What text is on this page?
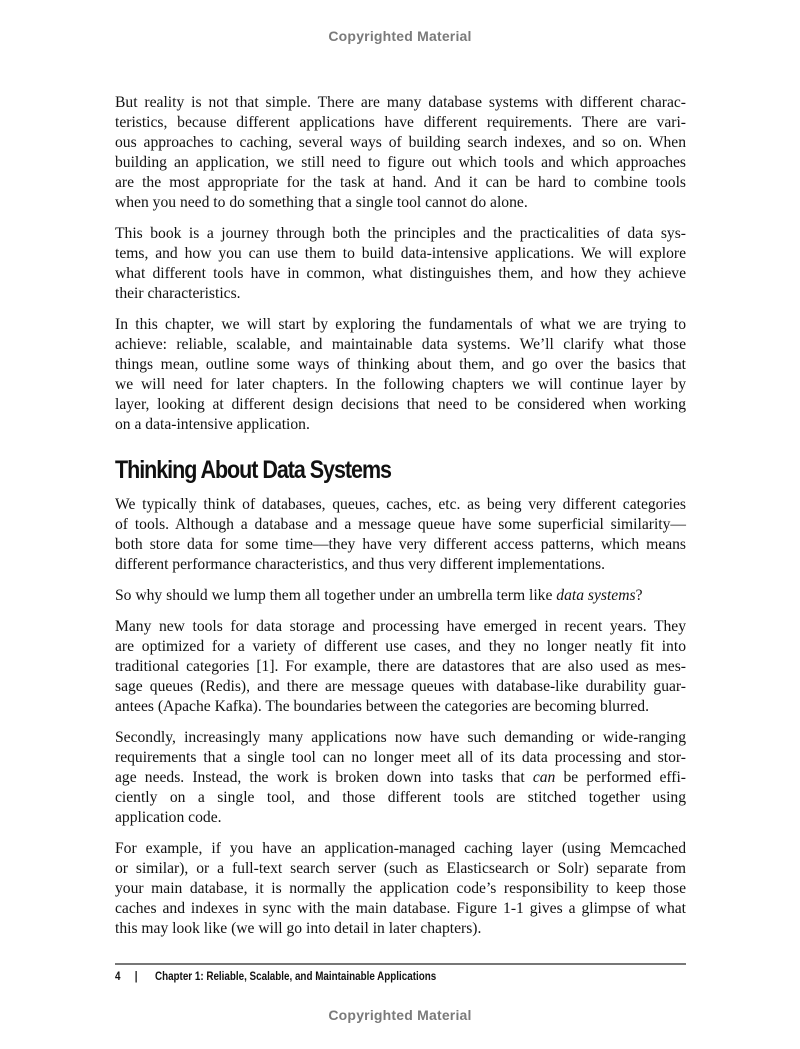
Copyrighted Material
But reality is not that simple. There are many database systems with different charac-
teristics, because different applications have different requirements. There are vari-
ous approaches to caching, several ways of building search indexes, and so on. When
building an application, we still need to figure out which tools and which approaches
are the most appropriate for the task at hand. And it can be hard to combine tools
when you need to do something that a single tool cannot do alone.
This book is a journey through both the principles and the practicalities of data sys-
tems, and how you can use them to build data-intensive applications. We will explore
what different tools have in common, what distinguishes them, and how they achieve
their characteristics.
In this chapter, we will start by exploring the fundamentals of what we are trying to
achieve: reliable, scalable, and maintainable data systems. We’ll clarify what those
things mean, outline some ways of thinking about them, and go over the basics that
we will need for later chapters. In the following chapters we will continue layer by
layer, looking at different design decisions that need to be considered when working
on a data-intensive application.
Thinking About Data Systems
We typically think of databases, queues, caches, etc. as being very different categories
of tools. Although a database and a message queue have some superficial similarity—
both store data for some time—they have very different access patterns, which means
different performance characteristics, and thus very different implementations.
So why should we lump them all together under an umbrella term like data systems?
Many new tools for data storage and processing have emerged in recent years. They
are optimized for a variety of different use cases, and they no longer neatly fit into
traditional categories [1]. For example, there are datastores that are also used as mes-
sage queues (Redis), and there are message queues with database-like durability guar-
antees (Apache Kafka). The boundaries between the categories are becoming blurred.
Secondly, increasingly many applications now have such demanding or wide-ranging
requirements that a single tool can no longer meet all of its data processing and stor-
age needs. Instead, the work is broken down into tasks that can be performed effi-
ciently on a single tool, and those different tools are stitched together using
application code.
For example, if you have an application-managed caching layer (using Memcached
or similar), or a full-text search server (such as Elasticsearch or Solr) separate from
your main database, it is normally the application code’s responsibility to keep those
caches and indexes in sync with the main database. Figure 1-1 gives a glimpse of what
this may look like (we will go into detail in later chapters).
4 | Chapter 1: Reliable, Scalable, and Maintainable Applications
Copyrighted Material
